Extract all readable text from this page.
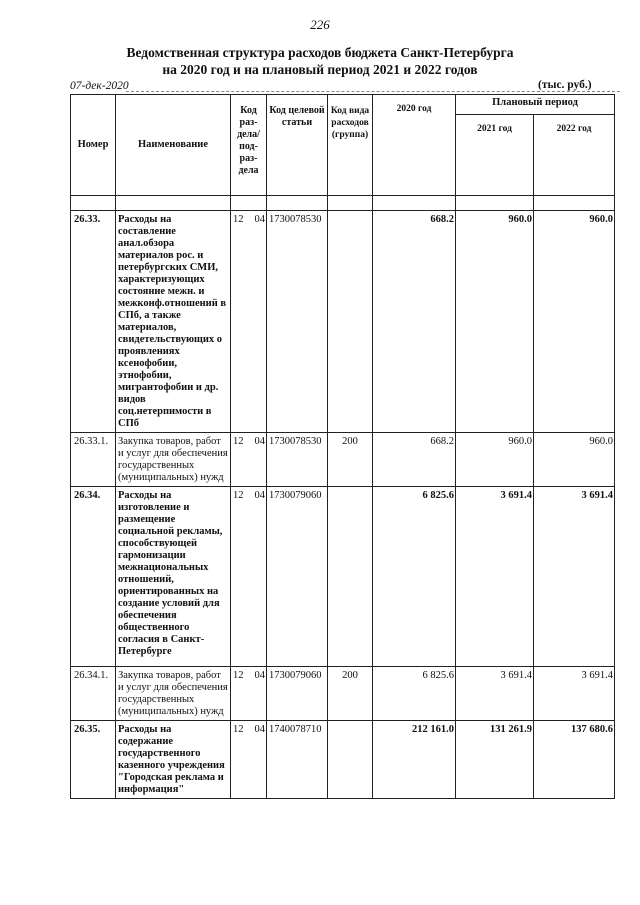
226
Ведомственная структура расходов бюджета Санкт-Петербурга
на 2020 год и на плановый период 2021 и 2022 годов
07-дек-2020	(тыс. руб.)
Номер	Наименование	Код раз- дела/ под- раз- дела		Код целевой статьи	Код вида расходов (группа)	2020 год	Плановый период	
							2021 год	2022 год

26.33.	Расходы на составление анал.обзора материалов рос. и петербургских СМИ, характеризующих состояние межн. и межконф.отношений в СПб, а также материалов, свидетельствующих о проявлениях ксенофобии, этнофобии, мигрантофобии и др. видов соц.нетерпимости в СПб	12	04	1730078530		668.2	960.0	960.0
26.33.1.	Закупка товаров, работ и услуг для обеспечения государственных (муниципальных) нужд	12	04	1730078530	200	668.2	960.0	960.0
26.34.	Расходы на изготовление и размещение социальной рекламы, способствующей гармонизации межнациональных отношений, ориентированных на создание условий для обеспечения общественного согласия в Санкт-Петербурге	12	04	1730079060		6 825.6	3 691.4	3 691.4
26.34.1.	Закупка товаров, работ и услуг для обеспечения государственных (муниципальных) нужд	12	04	1730079060	200	6 825.6	3 691.4	3 691.4
26.35.	Расходы на содержание государственного казенного учреждения "Городская реклама и информация"	12	04	1740078710		212 161.0	131 261.9	137 680.6
